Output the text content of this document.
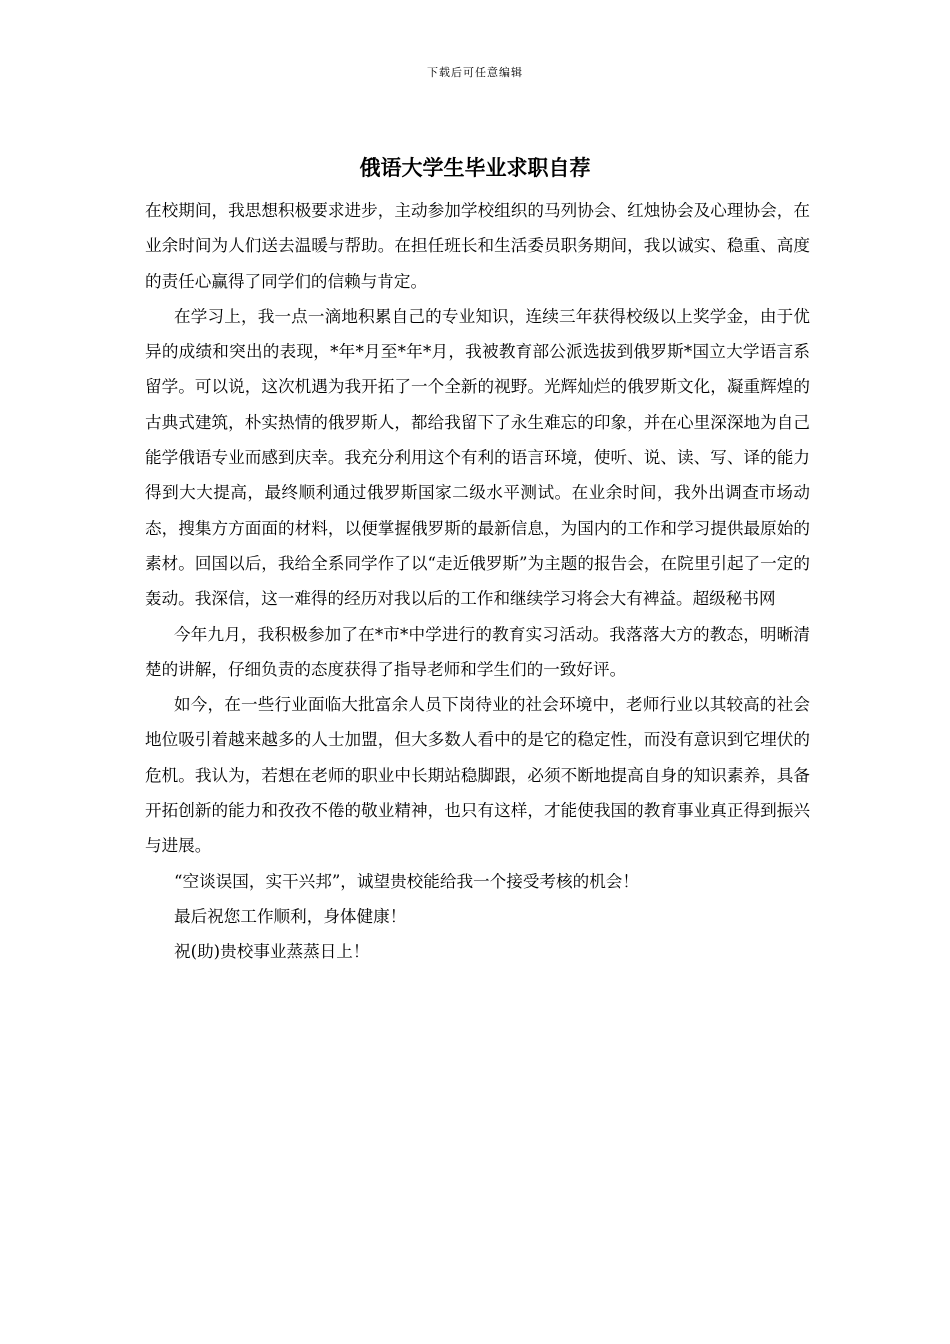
下载后可任意编辑
俄语大学生毕业求职自荐

在校期间，我思想积极要求进步，主动参加学校组织的马列协会、红烛协会及心理协会，在业余时间为人们送去温暖与帮助。在担任班长和生活委员职务期间，我以诚实、稳重、高度的责任心赢得了同学们的信赖与肯定。

在学习上，我一点一滴地积累自己的专业知识，连续三年获得校级以上奖学金，由于优异的成绩和突出的表现，*年*月至*年*月，我被教育部公派选拔到俄罗斯*国立大学语言系留学。可以说，这次机遇为我开拓了一个全新的视野。光辉灿烂的俄罗斯文化，凝重辉煌的古典式建筑，朴实热情的俄罗斯人，都给我留下了永生难忘的印象，并在心里深深地为自己能学俄语专业而感到庆幸。我充分利用这个有利的语言环境，使听、说、读、写、译的能力得到大大提高，最终顺利通过俄罗斯国家二级水平测试。在业余时间，我外出调查市场动态，搜集方方面面的材料，以便掌握俄罗斯的最新信息，为国内的工作和学习提供最原始的素材。回国以后，我给全系同学作了以“走近俄罗斯”为主题的报告会，在院里引起了一定的轰动。我深信，这一难得的经历对我以后的工作和继续学习将会大有裨益。超级秘书网

今年九月，我积极参加了在*市*中学进行的教育实习活动。我落落大方的教态，明晰清楚的讲解，仔细负责的态度获得了指导老师和学生们的一致好评。

如今，在一些行业面临大批富余人员下岗待业的社会环境中，老师行业以其较高的社会地位吸引着越来越多的人士加盟，但大多数人看中的是它的稳定性，而没有意识到它埋伏的危机。我认为，若想在老师的职业中长期站稳脚跟，必须不断地提高自身的知识素养，具备开拓创新的能力和孜孜不倦的敬业精神，也只有这样，才能使我国的教育事业真正得到振兴与进展。

“空谈误国，实干兴邦”，诚望贵校能给我一个接受考核的机会！

最后祝您工作顺利，身体健康！

祝(助)贵校事业蒸蒸日上！
